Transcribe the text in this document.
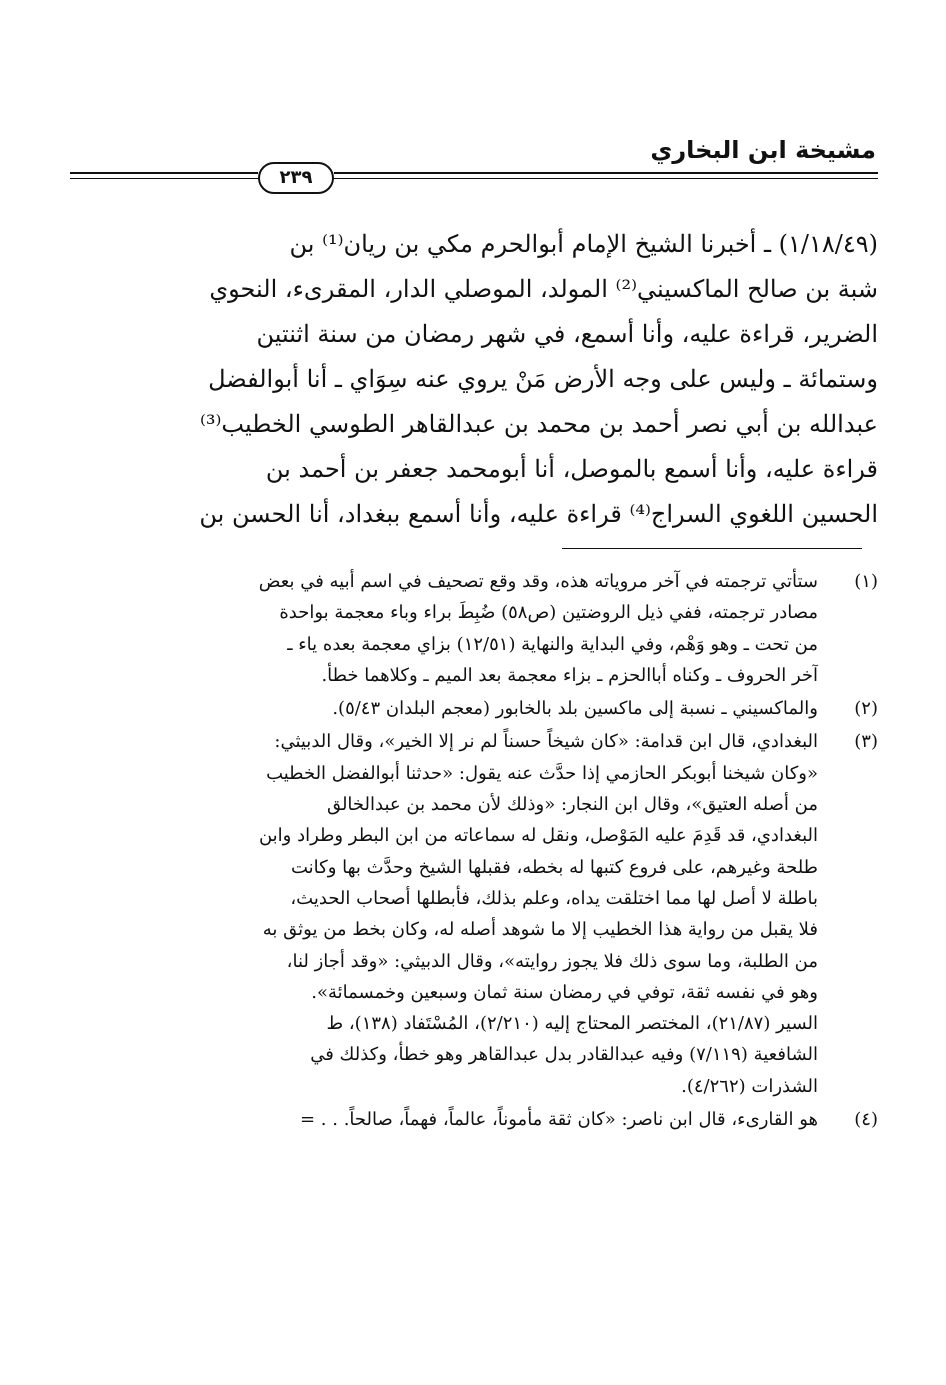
مشيخة ابن البخاري
٢٣٩
(١/١٨/٤٩) ـ أخبرنا الشيخ الإمام أبوالحرم مكي بن ريان⁽¹⁾ بن
شبة بن صالح الماكسيني⁽²⁾ المولد، الموصلي الدار، المقرىء، النحوي
الضرير، قراءة عليه، وأنا أسمع، في شهر رمضان من سنة اثنتين
وستمائة ـ وليس على وجه الأرض مَنْ يروي عنه سِوَاي ـ أنا أبوالفضل
عبدالله بن أبي نصر أحمد بن محمد بن عبدالقاهر الطوسي الخطيب⁽³⁾
قراءة عليه، وأنا أسمع بالموصل، أنا أبومحمد جعفر بن أحمد بن
الحسين اللغوي السراج⁽⁴⁾ قراءة عليه، وأنا أسمع ببغداد، أنا الحسن بن
(١)
ستأتي ترجمته في آخر مروياته هذه، وقد وقع تصحيف في اسم أبيه في بعض
مصادر ترجمته، ففي ذيل الروضتين (ص٥٨) ضُبِطَ براء وباء معجمة بواحدة
من تحت ـ وهو وَهْم، وفي البداية والنهاية (١٢/٥١) بزاي معجمة بعده ياء ـ
آخر الحروف ـ وكناه أباالحزم ـ بزاء معجمة بعد الميم ـ وكلاهما خطأ.
(٢)
والماكسيني ـ نسبة إلى ماكسين بلد بالخابور (معجم البلدان ٥/٤٣).
(٣)
البغدادي، قال ابن قدامة: «كان شيخاً حسناً لم نر إلا الخير»، وقال الدبيثي:
«وكان شيخنا أبوبكر الحازمي إذا حدَّث عنه يقول: «حدثنا أبوالفضل الخطيب
من أصله العتيق»، وقال ابن النجار: «وذلك لأن محمد بن عبدالخالق
البغدادي، قد قَدِمَ عليه المَوْصل، ونقل له سماعاته من ابن البطر وطراد وابن
طلحة وغيرهم، على فروع كتبها له بخطه، فقبلها الشيخ وحدَّث بها وكانت
باطلة لا أصل لها مما اختلقت يداه، وعلم بذلك، فأبطلها أصحاب الحديث،
فلا يقبل من رواية هذا الخطيب إلا ما شوهد أصله له، وكان بخط من يوثق به
من الطلبة، وما سوى ذلك فلا يجوز روايته»، وقال الدبيثي: «وقد أجاز لنا،
وهو في نفسه ثقة، توفي في رمضان سنة ثمان وسبعين وخمسمائة».
السير (٢١/٨٧)، المختصر المحتاج إليه (٢/٢١٠)، المُسْتَفاد (١٣٨)، ط
الشافعية (٧/١١٩) وفيه عبدالقادر بدل عبدالقاهر وهو خطأ، وكذلك في
الشذرات (٤/٢٦٢).
(٤)
هو القارىء، قال ابن ناصر: «كان ثقة مأموناً، عالماً، فهماً، صالحاً. . . =
